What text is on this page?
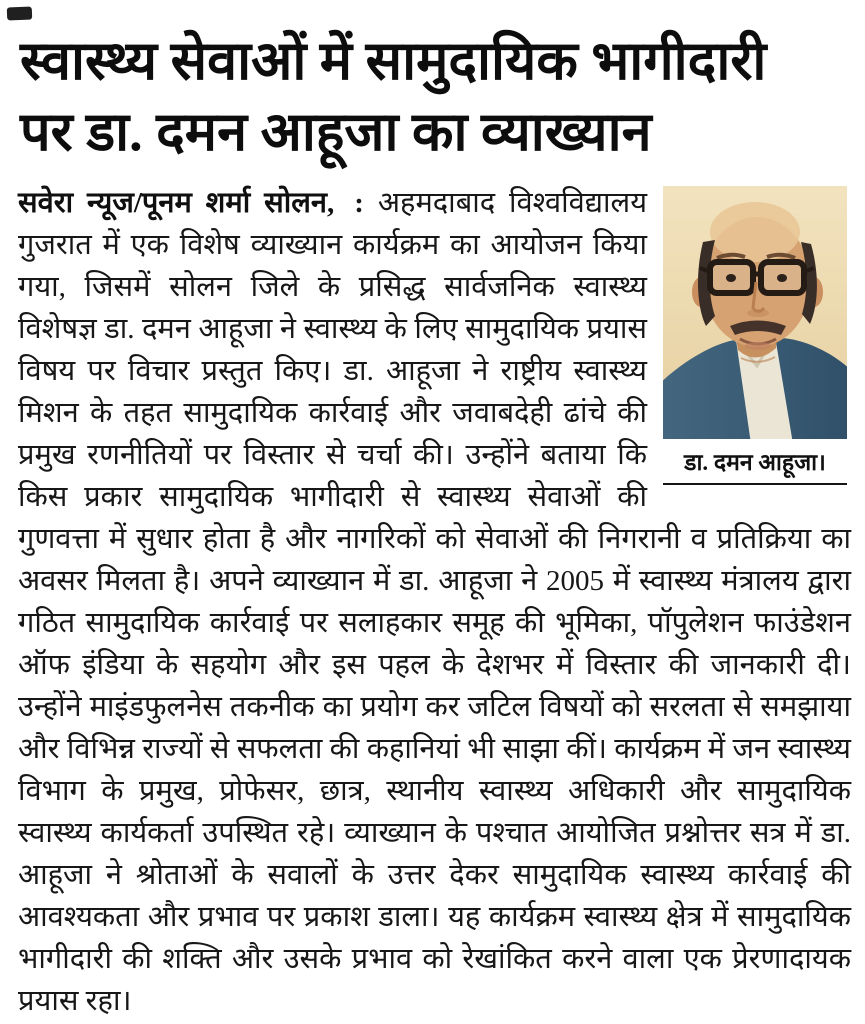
स्वास्थ्य सेवाओं में सामुदायिक भागीदारी
पर डा. दमन आहूजा का व्याख्यान
डा. दमन आहूजा।

सवेरा न्यूज/पूनम शर्मा सोलन, : अहमदाबाद विश्वविद्यालय गुजरात में एक विशेष व्याख्यान कार्यक्रम का आयोजन किया गया, जिसमें सोलन जिले के प्रसिद्ध सार्वजनिक स्वास्थ्य विशेषज्ञ डा. दमन आहूजा ने स्वास्थ्य के लिए सामुदायिक प्रयास विषय पर विचार प्रस्तुत किए। डा. आहूजा ने राष्ट्रीय स्वास्थ्य मिशन के तहत सामुदायिक कार्रवाई और जवाबदेही ढांचे की प्रमुख रणनीतियों पर विस्तार से चर्चा की। उन्होंने बताया कि किस प्रकार सामुदायिक भागीदारी से स्वास्थ्य सेवाओं की गुणवत्ता में सुधार होता है और नागरिकों को सेवाओं की निगरानी व प्रतिक्रिया का अवसर मिलता है। अपने व्याख्यान में डा. आहूजा ने 2005 में स्वास्थ्य मंत्रालय द्वारा गठित सामुदायिक कार्रवाई पर सलाहकार समूह की भूमिका, पॉपुलेशन फाउंडेशन ऑफ इंडिया के सहयोग और इस पहल के देशभर में विस्तार की जानकारी दी। उन्होंने माइंडफुलनेस तकनीक का प्रयोग कर जटिल विषयों को सरलता से समझाया और विभिन्न राज्यों से सफलता की कहानियां भी साझा कीं। कार्यक्रम में जन स्वास्थ्य विभाग के प्रमुख, प्रोफेसर, छात्र, स्थानीय स्वास्थ्य अधिकारी और सामुदायिक स्वास्थ्य कार्यकर्ता उपस्थित रहे। व्याख्यान के पश्चात आयोजित प्रश्नोत्तर सत्र में डा. आहूजा ने श्रोताओं के सवालों के उत्तर देकर सामुदायिक स्वास्थ्य कार्रवाई की आवश्यकता और प्रभाव पर प्रकाश डाला। यह कार्यक्रम स्वास्थ्य क्षेत्र में सामुदायिक भागीदारी की शक्ति और उसके प्रभाव को रेखांकित करने वाला एक प्रेरणादायक प्रयास रहा।
